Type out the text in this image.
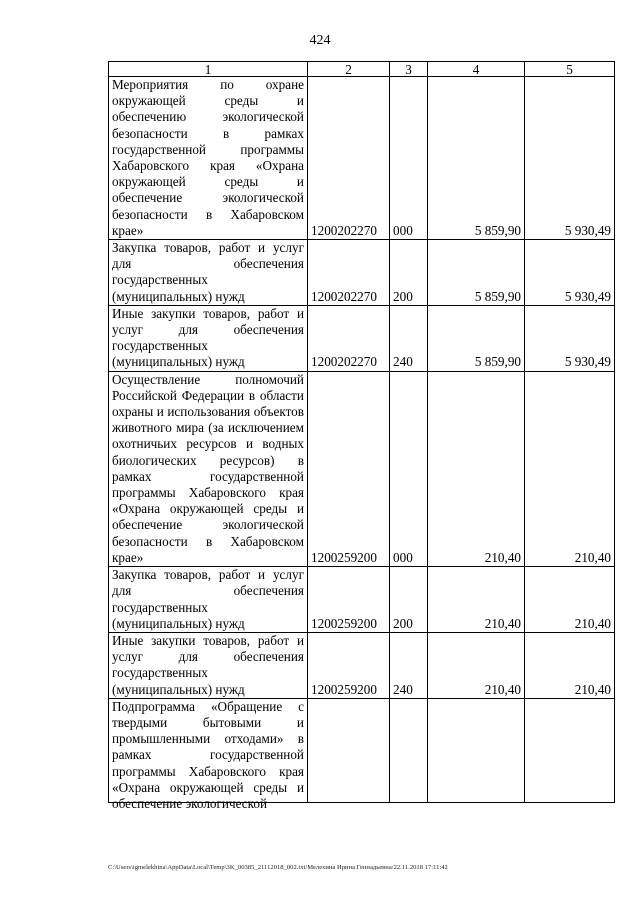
424
1	2	3	4	5
Мероприятия по охране окружающей среды и обеспечению экологической безопасности в рамках государственной программы Хабаровского края «Охрана окружающей среды и обеспечение экологической безопасности в Хабаровском крае»	1200202270	000	5 859,90	5 930,49
Закупка товаров, работ и услуг для обеспечения государственных (муниципальных) нужд	1200202270	200	5 859,90	5 930,49
Иные закупки товаров, работ и услуг для обеспечения государственных (муниципальных) нужд	1200202270	240	5 859,90	5 930,49
Осуществление полномочий Российской Федерации в области охраны и использования объектов животного мира (за исключением охотничьих ресурсов и водных биологических ресурсов) в рамках государственной программы Хабаровского края «Охрана окружающей среды и обеспечение экологической безопасности в Хабаровском крае»	1200259200	000	210,40	210,40
Закупка товаров, работ и услуг для обеспечения государственных (муниципальных) нужд	1200259200	200	210,40	210,40
Иные закупки товаров, работ и услуг для обеспечения государственных (муниципальных) нужд	1200259200	240	210,40	210,40

Подпрограмма «Обращение с твердыми бытовыми и промышленными отходами» в рамках государственной программы Хабаровского края «Охрана окружающей среды и обеспечение экологической				

C:\Users\igmelekhina\AppData\Local\Temp\3K_00385_21112018_002.txt/Мелехина Ирина Геннадьевна/22.11.2018 17:11:42
